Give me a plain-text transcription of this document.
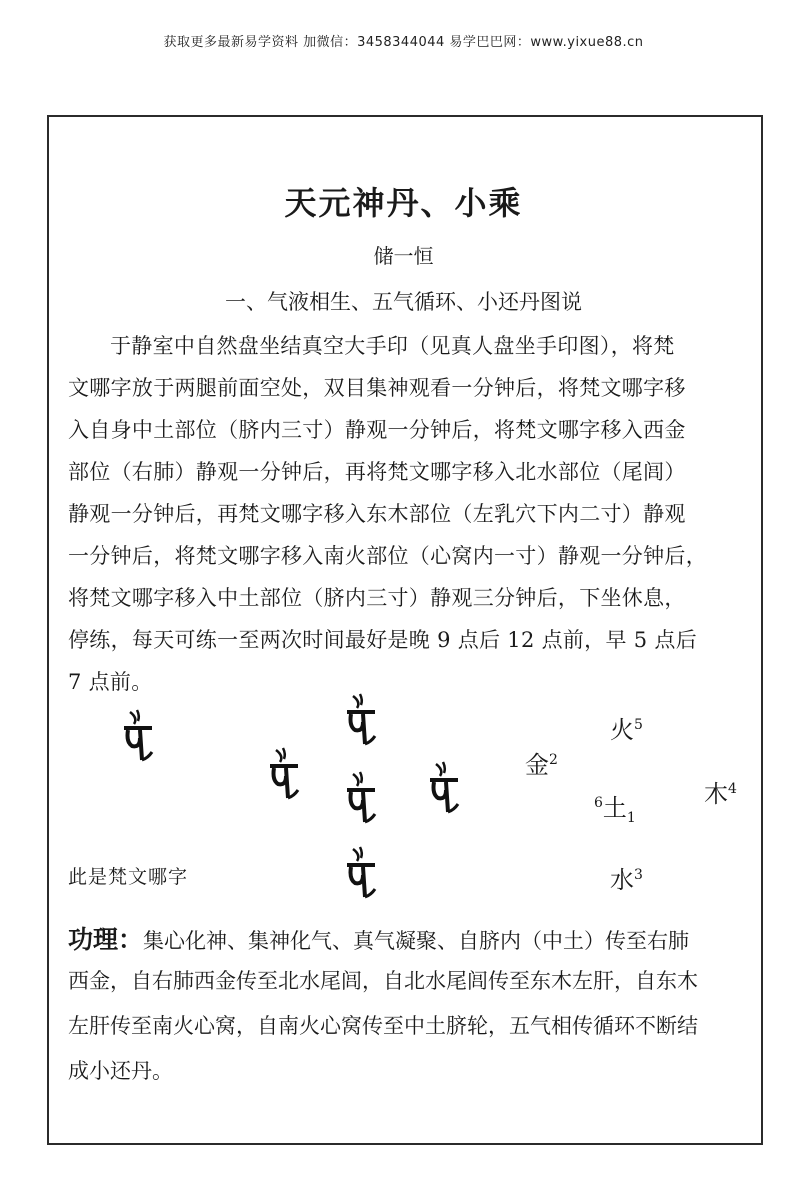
获取更多最新易学资料 加微信：3458344044 易学巴巴网：www.yixue88.cn
天元神丹、小乘
储一恒
一、气液相生、五气循环、小还丹图说
于静室中自然盘坐结真空大手印（见真人盘坐手印图），将梵
文哪字放于两腿前面空处，双目集神观看一分钟后，将梵文哪字移
入自身中土部位（脐内三寸）静观一分钟后，将梵文哪字移入西金
部位（右肺）静观一分钟后，再将梵文哪字移入北水部位（尾闾）
静观一分钟后，再梵文哪字移入东木部位（左乳穴下内二寸）静观
一分钟后，将梵文哪字移入南火部位（心窝内一寸）静观一分钟后，
将梵文哪字移入中土部位（脐内三寸）静观三分钟后，下坐休息，
停练，每天可练一至两次时间最好是晚 9 点后 12 点前，早 5 点后
7 点前。
火$^5$
金$^2$
$^6$土$_1$
木$^4$
水$^3$
此是梵文哪字
功理：集心化神、集神化气、真气凝聚、自脐内（中土）传至右肺
西金，自右肺西金传至北水尾闾，自北水尾闾传至东木左肝，自东木
左肝传至南火心窝，自南火心窝传至中土脐轮，五气相传循环不断结
成小还丹。
